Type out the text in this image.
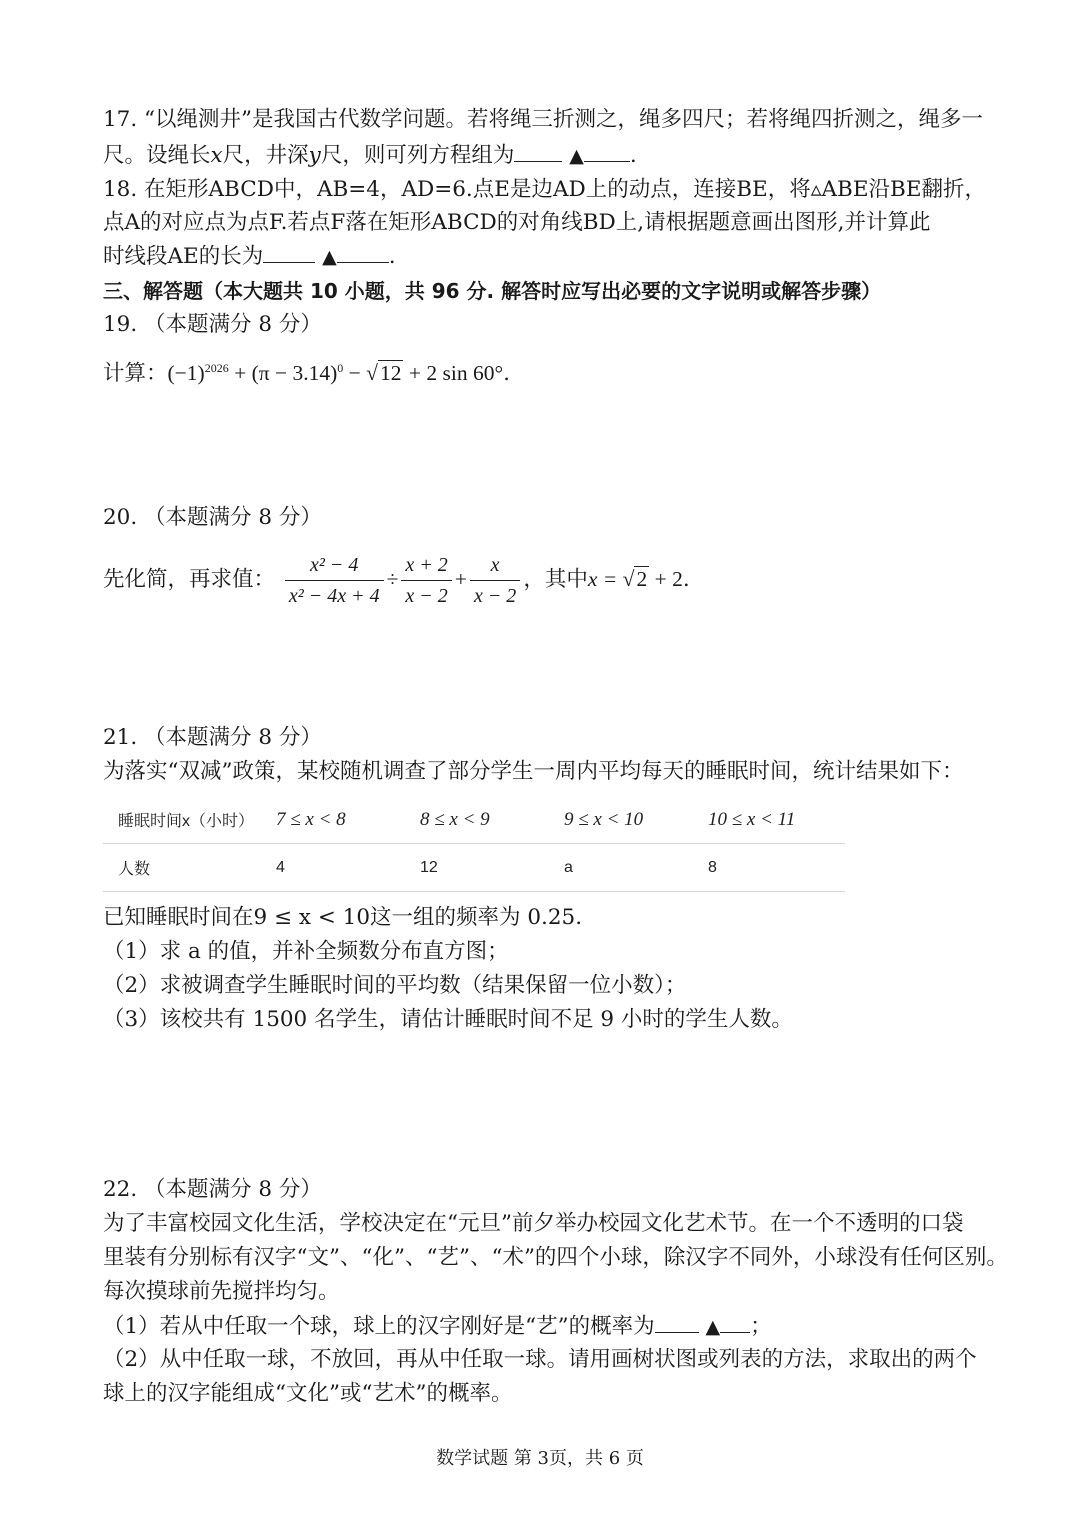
17. “以绳测井”是我国古代数学问题。若将绳三折测之，绳多四尺；若将绳四折测之，绳多一
尺。设绳长x尺，井深y尺，则可列方程组为	▲ .
18. 在矩形ABCD中，AB=4，AD=6.点E是边AD上的动点，连接BE，将▵ABE沿BE翻折，
点A的对应点为点F.若点F落在矩形ABCD的对角线BD上,请根据题意画出图形,并计算此
时线段AE的长为	▲ .
三、解答题（本大题共 10 小题，共 96 分. 解答时应写出必要的文字说明或解答步骤）
19. （本题满分 8 分）
计算：$(-1)^{2026} + (\pi - 3.14)^0 - √12 + 2$ sin 60°.
20. （本题满分 8 分）
先化简，再求值： $\frac{\text{x² − 4}}{\text{x² − 4x + 4}} \div \frac{x + 2}{x - 2} + \frac{x}{x - 2}$ ，其中x = √2 + 2.
21. （本题满分 8 分）
为落实“双减”政策，某校随机调查了部分学生一周内平均每天的睡眠时间，统计结果如下：
睡眠时间x（小时）	7 ≤ x < 8	8 ≤ x < 9	9 ≤ x < 10	10 ≤ x < 11
人数	4	12	a	8
已知睡眠时间在9 ≤ x < 10这一组的频率为 0.25.
（1）求 a 的值，并补全频数分布直方图；
（2）求被调查学生睡眠时间的平均数（结果保留一位小数）；
（3）该校共有 1500 名学生，请估计睡眠时间不足 9 小时的学生人数。
22. （本题满分 8 分）
为了丰富校园文化生活，学校决定在“元旦”前夕举办校园文化艺术节。在一个不透明的口袋
里装有分别标有汉字“文”、“化”、“艺”、“术”的四个小球，除汉字不同外，小球没有任何区别。
每次摸球前先搅拌均匀。
（1）若从中任取一个球，球上的汉字刚好是“艺”的概率为	▲ ；
（2）从中任取一球，不放回，再从中任取一球。请用画树状图或列表的方法，求取出的两个
球上的汉字能组成“文化”或“艺术”的概率。
数学试题 第 3页，共 6 页
